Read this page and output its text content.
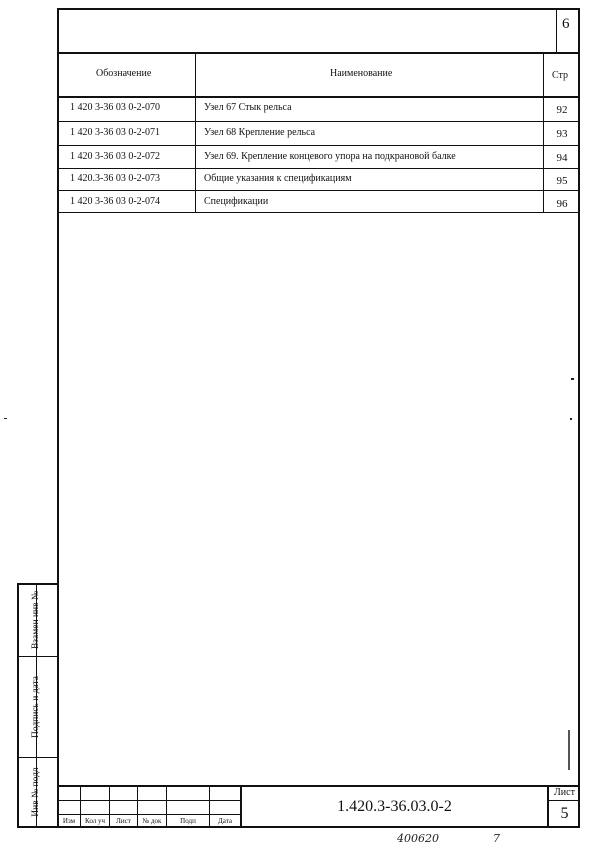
6
Обозначение	Наименование	Стр
1 420 3-36 03 0-2-070	Узел 67 Стык рельса	92
1 420 3-36 03 0-2-071	Узел 68 Крепление рельса	93
1 420 3-36 03 0-2-072	Узел 69. Крепление концевого упора на подкрановой балке	94
1 420.3-36 03 0-2-073	Общие указания к спецификациям	95
1 420 3-36 03 0-2-074	Спецификации	96
Взамен инв №
Подпись и дата
Инв № подл
Изм	Кол уч	Лист	№ док	Подп	Дата
1.420.3-36.03.0-2
Лист
5
400620	7
